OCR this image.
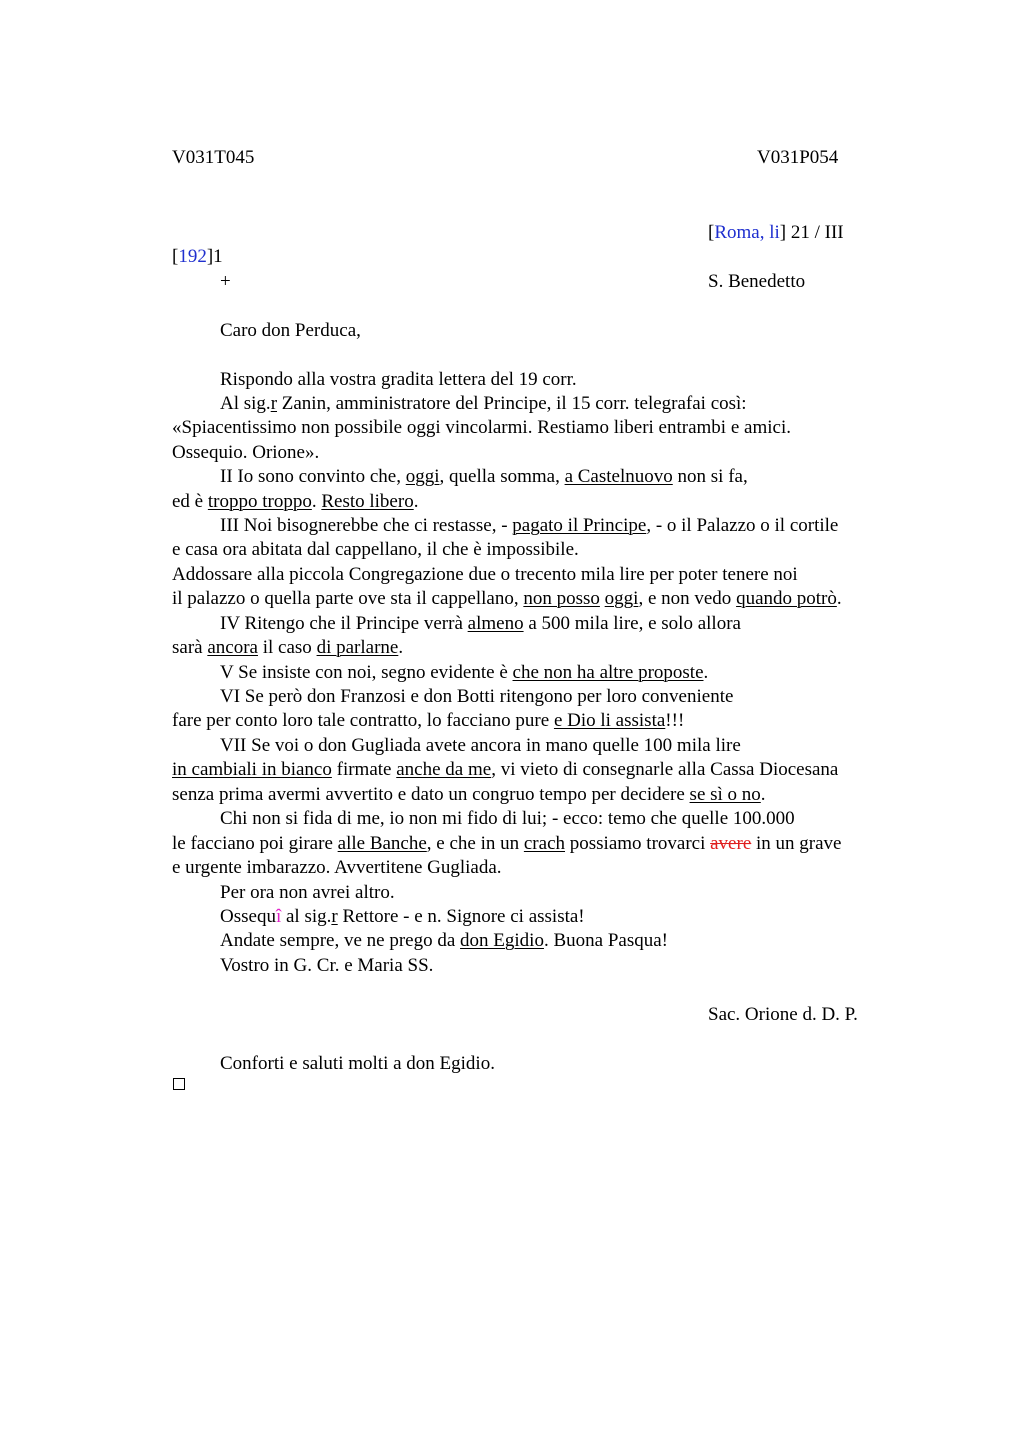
V031T045	V031P054
[Roma, li] 21 / III
[192]1
+	S. Benedetto
Caro don Perduca,
Rispondo alla vostra gradita lettera del 19 corr.
Al sig.r Zanin, amministratore del Principe, il 15 corr. telegrafai così:
«Spiacentissimo non possibile oggi vincolarmi. Restiamo liberi entrambi e amici.
Ossequio. Orione».
II Io sono convinto che, oggi, quella somma, a Castelnuovo non si fa,
ed è troppo troppo. Resto libero.
III Noi bisognerebbe che ci restasse, - pagato il Principe, - o il Palazzo o il cortile
e casa ora abitata dal cappellano, il che è impossibile.
Addossare alla piccola Congregazione due o trecento mila lire per poter tenere noi
il palazzo o quella parte ove sta il cappellano, non posso oggi, e non vedo quando potrò.
IV Ritengo che il Principe verrà almeno a 500 mila lire, e solo allora
sarà ancora il caso di parlarne.
V Se insiste con noi, segno evidente è che non ha altre proposte.
VI Se però don Franzosi e don Botti ritengono per loro conveniente
fare per conto loro tale contratto, lo facciano pure e Dio li assista!!!
VII Se voi o don Gugliada avete ancora in mano quelle 100 mila lire
in cambiali in bianco firmate anche da me, vi vieto di consegnarle alla Cassa Diocesana
senza prima avermi avvertito e dato un congruo tempo per decidere se sì o no.
Chi non si fida di me, io non mi fido di lui; - ecco: temo che quelle 100.000
le facciano poi girare alle Banche, e che in un crach possiamo trovarci avere in un grave
e urgente imbarazzo. Avvertitene Gugliada.
Per ora non avrei altro.
Ossequî al sig.r Rettore - e n. Signore ci assista!
Andate sempre, ve ne prego da don Egidio. Buona Pasqua!
Vostro in G. Cr. e Maria SS.
Sac. Orione d. D. P.
Conforti e saluti molti a don Egidio.
